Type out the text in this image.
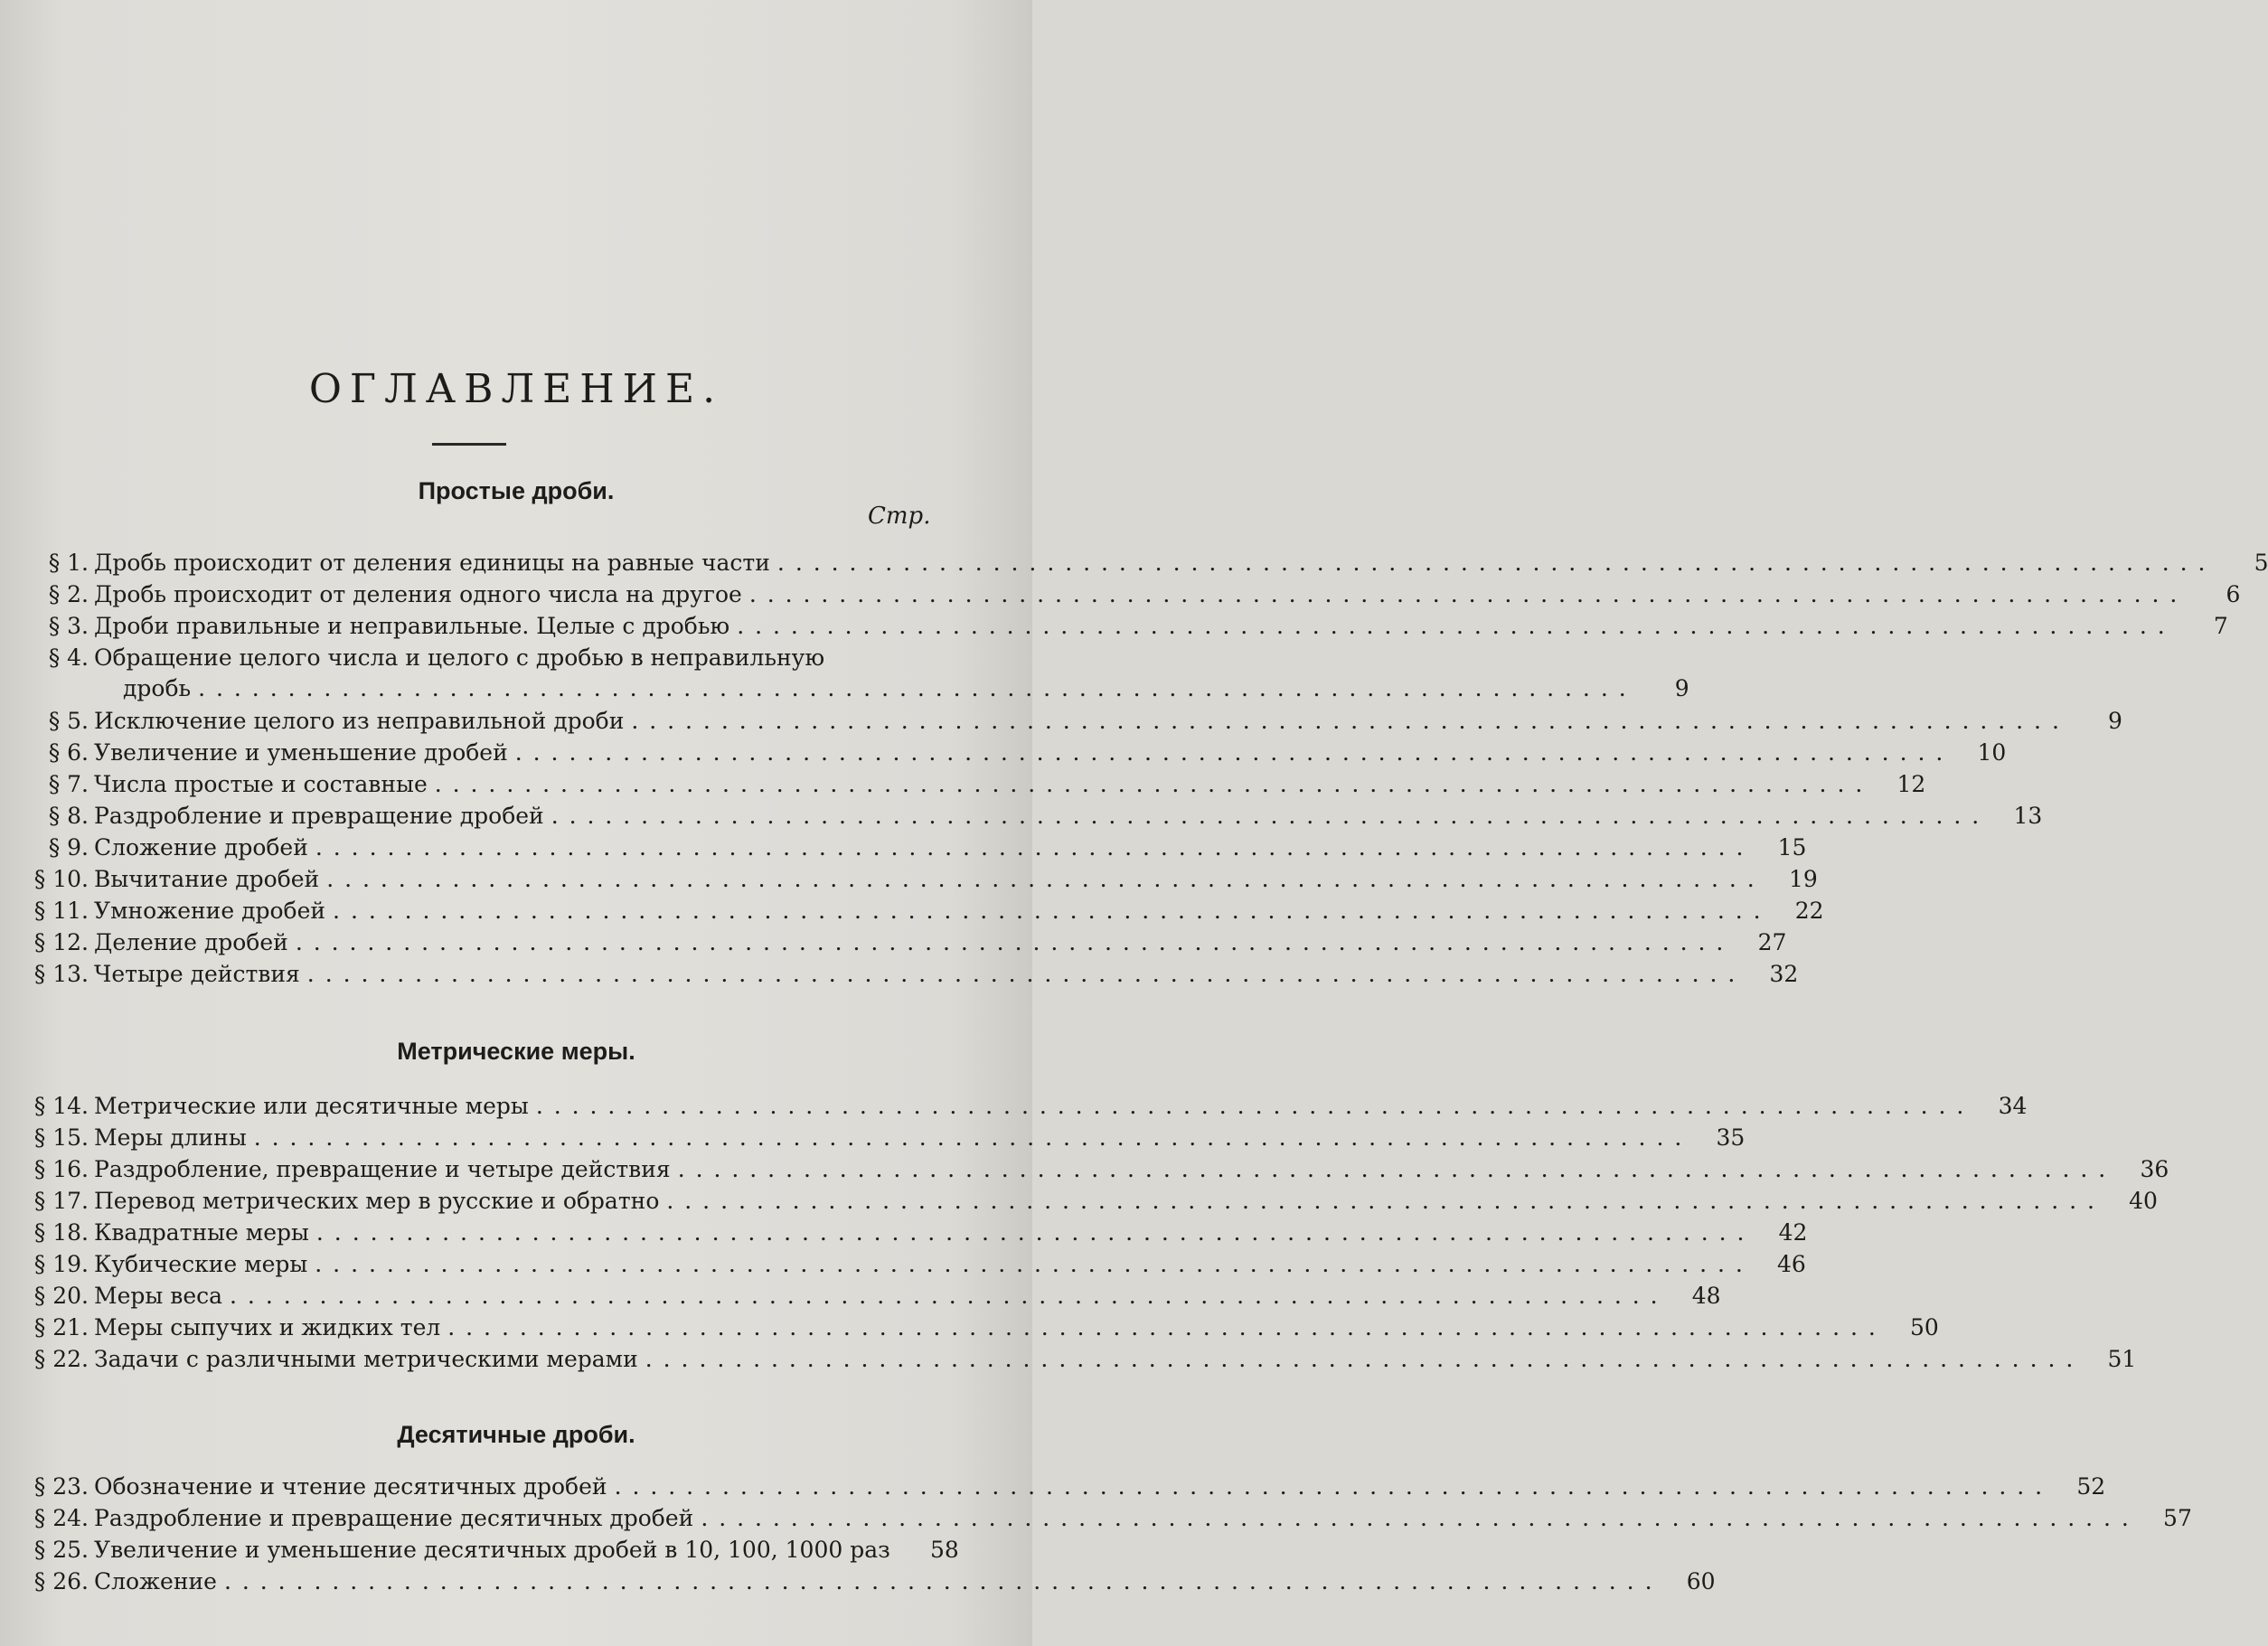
ОГЛАВЛЕНИЕ.
Простые дроби.
Стр.
Метрические меры.
Десятичные дроби.
§ 1. Дробь происходит от деления единицы на равные части . . . . . . . . . . . . . . . . . . . . . . . . . . . . . . . . . . . . . . . . . . . . . . . . . . . . . . . . . . . . . . . . . . . . . . . . . . . . . . . .	5
§ 2. Дробь происходит от деления одного числа на другое . . . . . . . . . . . . . . . . . . . . . . . . . . . . . . . . . . . . . . . . . . . . . . . . . . . . . . . . . . . . . . . . . . . . . . . . . . . . . . . .	6
§ 3. Дроби правильные и неправильные. Целые с дробью . . . . . . . . . . . . . . . . . . . . . . . . . . . . . . . . . . . . . . . . . . . . . . . . . . . . . . . . . . . . . . . . . . . . . . . . . . . . . . . .	7
§ 4. Обращение целого числа и целого с дробью в неправильную
дробь . . . . . . . . . . . . . . . . . . . . . . . . . . . . . . . . . . . . . . . . . . . . . . . . . . . . . . . . . . . . . . . . . . . . . . . . . . . . . . . .	9
§ 5. Исключение целого из неправильной дроби . . . . . . . . . . . . . . . . . . . . . . . . . . . . . . . . . . . . . . . . . . . . . . . . . . . . . . . . . . . . . . . . . . . . . . . . . . . . . . . .	9
§ 6. Увеличение и уменьшение дробей . . . . . . . . . . . . . . . . . . . . . . . . . . . . . . . . . . . . . . . . . . . . . . . . . . . . . . . . . . . . . . . . . . . . . . . . . . . . . . . .	10
§ 7. Числа простые и составные . . . . . . . . . . . . . . . . . . . . . . . . . . . . . . . . . . . . . . . . . . . . . . . . . . . . . . . . . . . . . . . . . . . . . . . . . . . . . . . .	12
§ 8. Раздробление и превращение дробей . . . . . . . . . . . . . . . . . . . . . . . . . . . . . . . . . . . . . . . . . . . . . . . . . . . . . . . . . . . . . . . . . . . . . . . . . . . . . . . .	13
§ 9. Сложение дробей . . . . . . . . . . . . . . . . . . . . . . . . . . . . . . . . . . . . . . . . . . . . . . . . . . . . . . . . . . . . . . . . . . . . . . . . . . . . . . . .	15
§ 10. Вычитание дробей . . . . . . . . . . . . . . . . . . . . . . . . . . . . . . . . . . . . . . . . . . . . . . . . . . . . . . . . . . . . . . . . . . . . . . . . . . . . . . . .	19
§ 11. Умножение дробей . . . . . . . . . . . . . . . . . . . . . . . . . . . . . . . . . . . . . . . . . . . . . . . . . . . . . . . . . . . . . . . . . . . . . . . . . . . . . . . .	22
§ 12. Деление дробей . . . . . . . . . . . . . . . . . . . . . . . . . . . . . . . . . . . . . . . . . . . . . . . . . . . . . . . . . . . . . . . . . . . . . . . . . . . . . . . .	27
§ 13. Четыре действия . . . . . . . . . . . . . . . . . . . . . . . . . . . . . . . . . . . . . . . . . . . . . . . . . . . . . . . . . . . . . . . . . . . . . . . . . . . . . . . .	32
§ 14. Метрические или десятичные меры . . . . . . . . . . . . . . . . . . . . . . . . . . . . . . . . . . . . . . . . . . . . . . . . . . . . . . . . . . . . . . . . . . . . . . . . . . . . . . . .	34
§ 15. Меры длины . . . . . . . . . . . . . . . . . . . . . . . . . . . . . . . . . . . . . . . . . . . . . . . . . . . . . . . . . . . . . . . . . . . . . . . . . . . . . . . .	35
§ 16. Раздробление, превращение и четыре действия . . . . . . . . . . . . . . . . . . . . . . . . . . . . . . . . . . . . . . . . . . . . . . . . . . . . . . . . . . . . . . . . . . . . . . . . . . . . . . . .	36
§ 17. Перевод метрических мер в русские и обратно . . . . . . . . . . . . . . . . . . . . . . . . . . . . . . . . . . . . . . . . . . . . . . . . . . . . . . . . . . . . . . . . . . . . . . . . . . . . . . . .	40
§ 18. Квадратные меры . . . . . . . . . . . . . . . . . . . . . . . . . . . . . . . . . . . . . . . . . . . . . . . . . . . . . . . . . . . . . . . . . . . . . . . . . . . . . . . .	42
§ 19. Кубические меры . . . . . . . . . . . . . . . . . . . . . . . . . . . . . . . . . . . . . . . . . . . . . . . . . . . . . . . . . . . . . . . . . . . . . . . . . . . . . . . .	46
§ 20. Меры веса . . . . . . . . . . . . . . . . . . . . . . . . . . . . . . . . . . . . . . . . . . . . . . . . . . . . . . . . . . . . . . . . . . . . . . . . . . . . . . . .	48
§ 21. Меры сыпучих и жидких тел . . . . . . . . . . . . . . . . . . . . . . . . . . . . . . . . . . . . . . . . . . . . . . . . . . . . . . . . . . . . . . . . . . . . . . . . . . . . . . . .	50
§ 22. Задачи с различными метрическими мерами . . . . . . . . . . . . . . . . . . . . . . . . . . . . . . . . . . . . . . . . . . . . . . . . . . . . . . . . . . . . . . . . . . . . . . . . . . . . . . . .	51
§ 23. Обозначение и чтение десятичных дробей . . . . . . . . . . . . . . . . . . . . . . . . . . . . . . . . . . . . . . . . . . . . . . . . . . . . . . . . . . . . . . . . . . . . . . . . . . . . . . . .	52
§ 24. Раздробление и превращение десятичных дробей . . . . . . . . . . . . . . . . . . . . . . . . . . . . . . . . . . . . . . . . . . . . . . . . . . . . . . . . . . . . . . . . . . . . . . . . . . . . . . . .	57
§ 25. Увеличение и уменьшение десятичных дробей в 10, 100, 1000 раз	58
§ 26. Сложение . . . . . . . . . . . . . . . . . . . . . . . . . . . . . . . . . . . . . . . . . . . . . . . . . . . . . . . . . . . . . . . . . . . . . . . . . . . . . . . .	60
